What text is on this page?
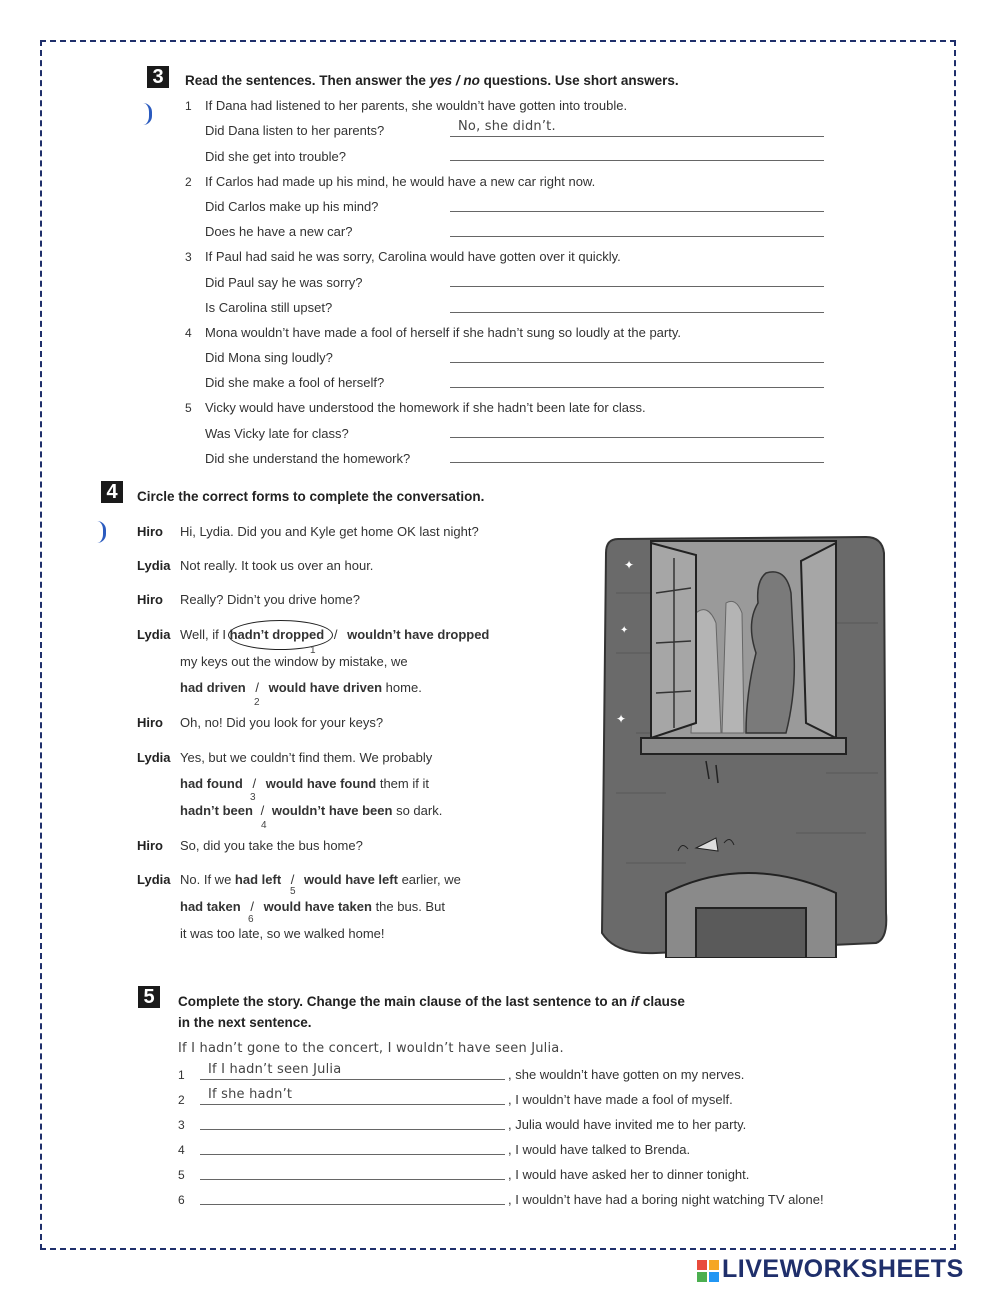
3	Read the sentences. Then answer the yes / no questions. Use short answers.
1 If Dana had listened to her parents, she wouldn’t have gotten into trouble.
Did Dana listen to her parents?	No, she didn’t.
Did she get into trouble?
2 If Carlos had made up his mind, he would have a new car right now.
Did Carlos make up his mind?
Does he have a new car?
3 If Paul had said he was sorry, Carolina would have gotten over it quickly.
Did Paul say he was sorry?
Is Carolina still upset?
4 Mona wouldn’t have made a fool of herself if she hadn’t sung so loudly at the party.
Did Mona sing loudly?
Did she make a fool of herself?
5 Vicky would have understood the homework if she hadn’t been late for class.
Was Vicky late for class?
Did she understand the homework?
4	Circle the correct forms to complete the conversation.
Hiro Hi, Lydia. Did you and Kyle get home OK last night?
Lydia Not really. It took us over an hour.
Hiro Really? Didn’t you drive home?
Lydia Well, if I hadn’t dropped / wouldn’t have dropped
1
my keys out the window by mistake, we
had driven / would have driven home.
2
Hiro Oh, no! Did you look for your keys?
Lydia Yes, but we couldn’t find them. We probably
had found / would have found them if it
3
hadn’t been / wouldn’t have been so dark.
4
Hiro So, did you take the bus home?
Lydia No. If we had left / would have left earlier, we
5
had taken / would have taken the bus. But
6
it was too late, so we walked home!
✦
✦
✦
5	Complete the story. Change the main clause of the last sentence to an if clause
in the next sentence.
If I hadn’t gone to the concert, I wouldn’t have seen Julia.
1 If I hadn’t seen Julia	, she wouldn’t have gotten on my nerves.
2 If she hadn’t	, I wouldn’t have made a fool of myself.
3	, Julia would have invited me to her party.
4	, I would have talked to Brenda.
5	, I would have asked her to dinner tonight.
6	, I wouldn’t have had a boring night watching TV alone!
LIVEWORKSHEETS
